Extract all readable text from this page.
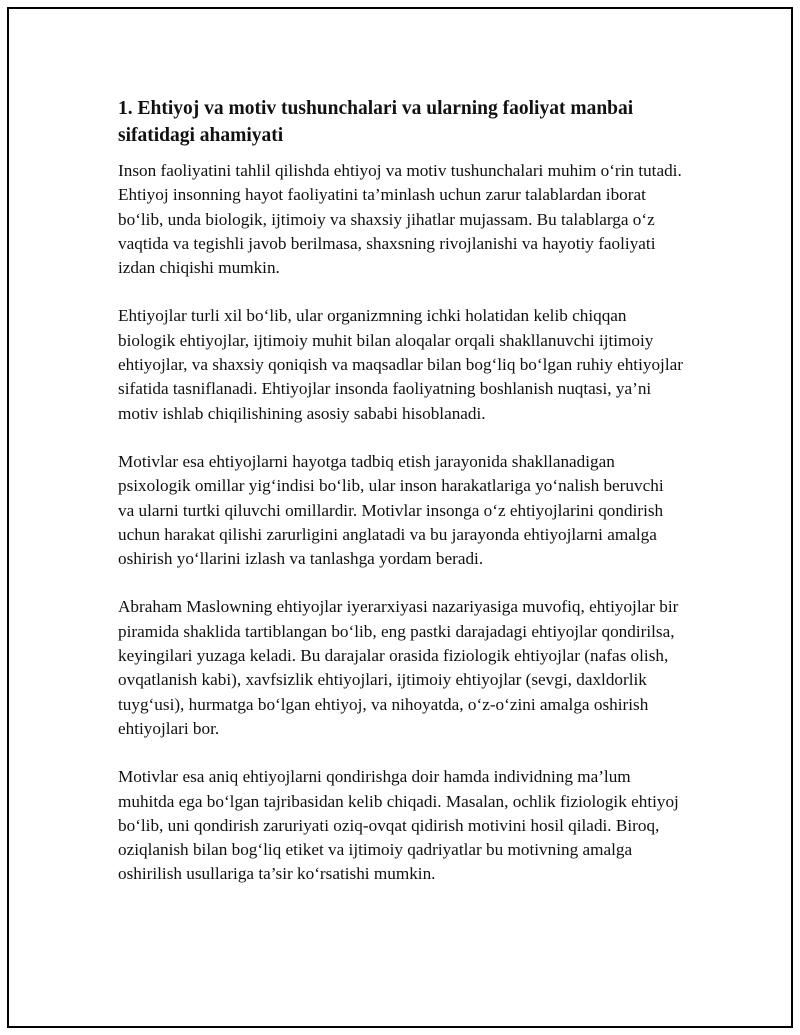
1. Ehtiyoj va motiv tushunchalari va ularning faoliyat manbai sifatidagi ahamiyati

Inson faoliyatini tahlil qilishda ehtiyoj va motiv tushunchalari muhim o‘rin tutadi. Ehtiyoj insonning hayot faoliyatini ta’minlash uchun zarur talablardan iborat bo‘lib, unda biologik, ijtimoiy va shaxsiy jihatlar mujassam. Bu talablarga o‘z vaqtida va tegishli javob berilmasa, shaxsning rivojlanishi va hayotiy faoliyati izdan chiqishi mumkin.

Ehtiyojlar turli xil bo‘lib, ular organizmning ichki holatidan kelib chiqqan biologik ehtiyojlar, ijtimoiy muhit bilan aloqalar orqali shakllanuvchi ijtimoiy ehtiyojlar, va shaxsiy qoniqish va maqsadlar bilan bog‘liq bo‘lgan ruhiy ehtiyojlar sifatida tasniflanadi. Ehtiyojlar insonda faoliyatning boshlanish nuqtasi, ya’ni motiv ishlab chiqilishining asosiy sababi hisoblanadi.

Motivlar esa ehtiyojlarni hayotga tadbiq etish jarayonida shakllanadigan psixologik omillar yig‘indisi bo‘lib, ular inson harakatlariga yo‘nalish beruvchi va ularni turtki qiluvchi omillardir. Motivlar insonga o‘z ehtiyojlarini qondirish uchun harakat qilishi zarurligini anglatadi va bu jarayonda ehtiyojlarni amalga oshirish yo‘llarini izlash va tanlashga yordam beradi.

Abraham Maslowning ehtiyojlar iyerarxiyasi nazariyasiga muvofiq, ehtiyojlar bir piramida shaklida tartiblangan bo‘lib, eng pastki darajadagi ehtiyojlar qondirilsa, keyingilari yuzaga keladi. Bu darajalar orasida fiziologik ehtiyojlar (nafas olish, ovqatlanish kabi), xavfsizlik ehtiyojlari, ijtimoiy ehtiyojlar (sevgi, daxldorlik tuyg‘usi), hurmatga bo‘lgan ehtiyoj, va nihoyatda, o‘z-o‘zini amalga oshirish ehtiyojlari bor.

Motivlar esa aniq ehtiyojlarni qondirishga doir hamda individning ma’lum muhitda ega bo‘lgan tajribasidan kelib chiqadi. Masalan, ochlik fiziologik ehtiyoj bo‘lib, uni qondirish zaruriyati oziq-ovqat qidirish motivini hosil qiladi. Biroq, oziqlanish bilan bog‘liq etiket va ijtimoiy qadriyatlar bu motivning amalga oshirilish usullariga ta’sir ko‘rsatishi mumkin.
